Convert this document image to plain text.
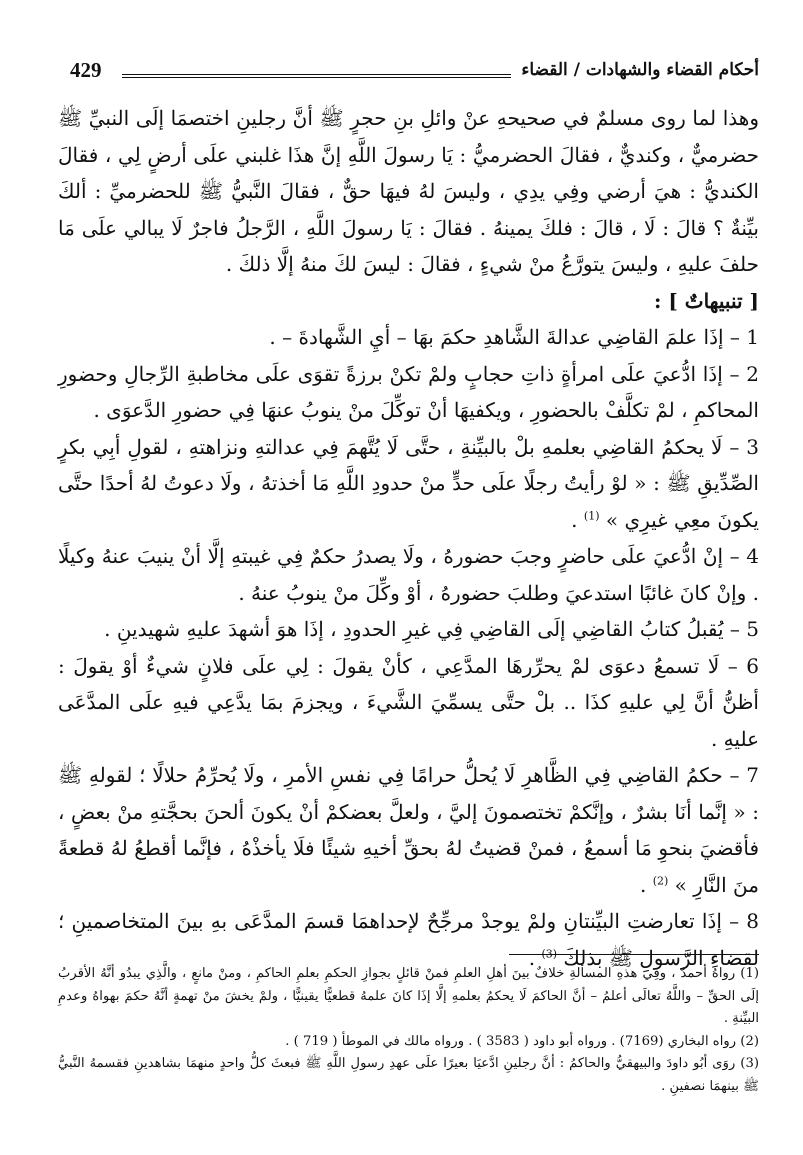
أحكام القضاء والشهادات / القضاء
429

وهذا لما روى مسلمٌ في صحيحهِ عنْ وائلِ بنِ حجرٍ ﷺ أنَّ رجلينِ اختصمَا إلَى النبيِّ ﷺ حضرميٌّ ، وكنديٌّ ، فقالَ الحضرميُّ : يَا رسولَ اللَّهِ إنَّ هذَا غلبني علَى أرضٍ لِي ، فقالَ الكنديُّ : هيَ أرضي وفِي يدِي ، وليسَ لهُ فيهَا حقٌّ ، فقالَ النَّبيُّ ﷺ للحضرميِّ : ألكَ بيِّنةٌ ؟ قالَ : لَا ، قالَ : فلكَ يمينهُ . فقالَ : يَا رسولَ اللَّهِ ، الرَّجلُ فاجرٌ لَا يبالي علَى مَا حلفَ عليهِ ، وليسَ يتورَّعُ منْ شيءٍ ، فقالَ : ليسَ لكَ منهُ إلَّا ذلكَ .

[ تنبيهاتٌ ] :

1 – إذَا علمَ القاضِي عدالةَ الشَّاهدِ حكمَ بهَا – أيِ الشَّهادةَ – .

2 – إذَا ادُّعيَ علَى امرأةٍ ذاتِ حجابٍ ولمْ تكنْ برزةً تقوَى علَى مخاطبةِ الرِّجالِ وحضورِ المحاكمِ ، لمْ تكلَّفْ بالحضورِ ، ويكفيهَا أنْ توكِّلَ منْ ينوبُ عنهَا فِي حضورِ الدَّعوَى .

3 – لَا يحكمُ القاضِي بعلمهِ بلْ بالبيِّنةِ ، حتَّى لَا يُتَّهمَ فِي عدالتهِ ونزاهتهِ ، لقولِ أبِي بكرٍ الصِّدِّيقِ ﷺ : « لوْ رأيتُ رجلًا علَى حدٍّ منْ حدودِ اللَّهِ مَا أخذتهُ ، ولَا دعوتُ لهُ أحدًا حتَّى يكونَ معِي غيرِي » $^{(1)}$ .

4 – إنْ ادُّعيَ علَى حاضرٍ وجبَ حضورهُ ، ولَا يصدرُ حكمٌ فِي غيبتهِ إلَّا أنْ ينيبَ عنهُ وكيلًا . وإنْ كانَ غائبًا استدعيَ وطلبَ حضورهُ ، أوْ وكِّلَ منْ ينوبُ عنهُ .

5 – يُقبلُ كتابُ القاضِي إلَى القاضِي فِي غيرِ الحدودِ ، إذَا هوَ أشهدَ عليهِ شهيدينِ .

6 – لَا تسمعُ دعوَى لمْ يحرِّرهَا المدَّعِي ، كأنْ يقولَ : لِي علَى فلانٍ شيءٌ أوْ يقولَ : أظنُّ أنَّ لِي عليهِ كذَا .. بلْ حتَّى يسمِّيَ الشَّيءَ ، ويجزمَ بمَا يدَّعِي فيهِ علَى المدَّعَى عليهِ .

7 – حكمُ القاضِي فِي الظَّاهرِ لَا يُحلُّ حرامًا فِي نفسِ الأمرِ ، ولَا يُحرِّمُ حلالًا ؛ لقولهِ ﷺ : « إنَّما أنَا بشرٌ ، وإنَّكمْ تختصمونَ إليَّ ، ولعلَّ بعضكمْ أنْ يكونَ ألحنَ بحجَّتهِ منْ بعضٍ ، فأقضيَ بنحوِ مَا أسمعُ ، فمنْ قضيتُ لهُ بحقِّ أخيهِ شيئًا فلَا يأخذْهُ ، فإنَّما أقطعُ لهُ قطعةً منَ النَّارِ » $^{(2)}$ .

8 – إذَا تعارضتِ البيِّنتانِ ولمْ يوجدْ مرجِّحٌ لإحداهمَا قسمَ المدَّعَى بهِ بينَ المتخاصمينِ ؛ لقضاءِ الرَّسولِ ﷺ بذلكَ $^{(3)}$ .

(1) رواهُ أحمدُ ، وفِي هذهِ المسألةِ خلافٌ بينَ أهلِ العلمِ فمنْ قائلٍ بجوازِ الحكمِ بعلمِ الحاكمِ ، ومنْ مانعٍ ، والَّذِي يبدُو أنَّهُ الأقربُ إلَى الحقِّ – واللَّهُ تعالَى أعلمُ – أنَّ الحاكمَ لَا يحكمُ بعلمهِ إلَّا إذَا كانَ علمهُ قطعيًّا يقينيًّا ، ولمْ يخشَ منْ تهمةٍ أنَّهُ حكمَ بهواهُ وعدمِ البيِّنةِ .

(2) رواه البخاري (7169) . ورواه أبو داود ( 3583 ) . ورواه مالك في الموطأ ( 719 ) .

(3) روَى أبُو داودَ والبيهقيُّ والحاكمُ : أنَّ رجلينِ ادَّعيَا بعيرًا علَى عهدِ رسولِ اللَّهِ ﷺ فبعثَ كلُّ واحدٍ منهمَا بشاهدينِ فقسمهُ النَّبيُّ ﷺ بينهمَا نصفينِ .
